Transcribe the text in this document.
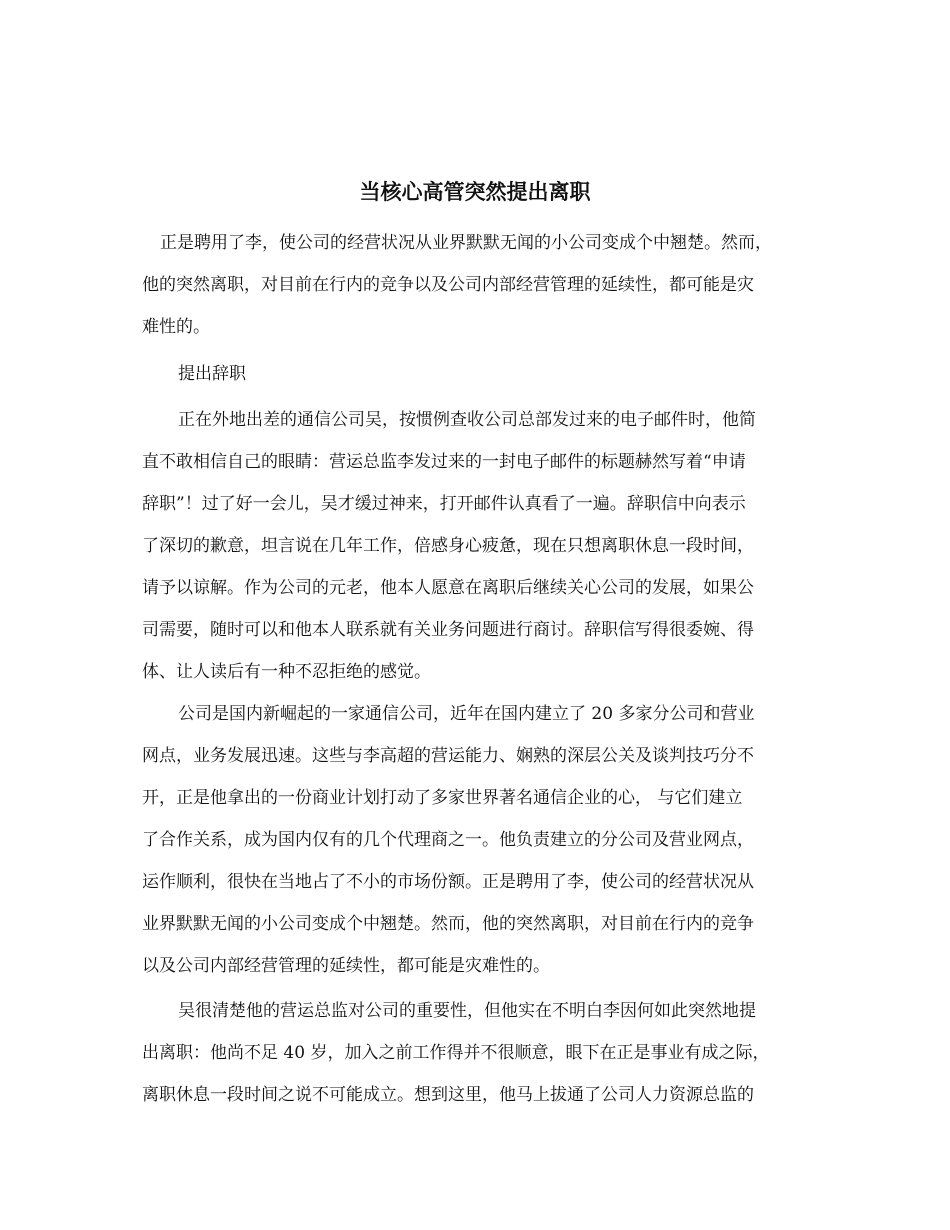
当核心高管突然提出离职
正是聘用了李，使公司的经营状况从业界默默无闻的小公司变成个中翘楚。然而，
他的突然离职，对目前在行内的竞争以及公司内部经营管理的延续性，都可能是灾
难性的。
提出辞职
正在外地出差的通信公司吴，按惯例查收公司总部发过来的电子邮件时，他简
直不敢相信自己的眼睛：营运总监李发过来的一封电子邮件的标题赫然写着“申请
辞职”！过了好一会儿，吴才缓过神来，打开邮件认真看了一遍。辞职信中向表示
了深切的歉意，坦言说在几年工作，倍感身心疲惫，现在只想离职休息一段时间，
请予以谅解。作为公司的元老，他本人愿意在离职后继续关心公司的发展，如果公
司需要，随时可以和他本人联系就有关业务问题进行商讨。辞职信写得很委婉、得
体、让人读后有一种不忍拒绝的感觉。
公司是国内新崛起的一家通信公司，近年在国内建立了 20 多家分公司和营业
网点，业务发展迅速。这些与李高超的营运能力、娴熟的深层公关及谈判技巧分不
开，正是他拿出的一份商业计划打动了多家世界著名通信企业的心， 与它们建立
了合作关系，成为国内仅有的几个代理商之一。他负责建立的分公司及营业网点，
运作顺利，很快在当地占了不小的市场份额。正是聘用了李，使公司的经营状况从
业界默默无闻的小公司变成个中翘楚。然而，他的突然离职，对目前在行内的竞争
以及公司内部经营管理的延续性，都可能是灾难性的。
吴很清楚他的营运总监对公司的重要性，但他实在不明白李因何如此突然地提
出离职：他尚不足 40 岁，加入之前工作得并不很顺意，眼下在正是事业有成之际，
离职休息一段时间之说不可能成立。想到这里，他马上拔通了公司人力资源总监的
